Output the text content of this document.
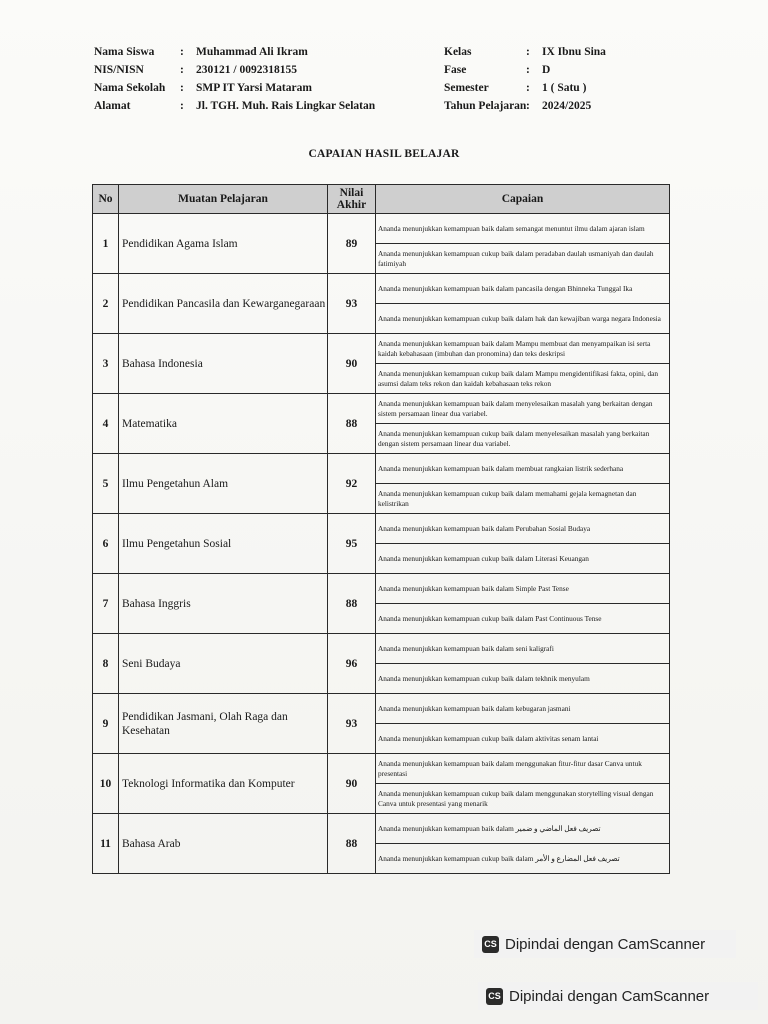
Nama Siswa : Muhammad Ali Ikram
NIS/NISN	: 230121 / 0092318155
Nama Sekolah : SMP IT Yarsi Mataram
Alamat	: Jl. TGH. Muh. Rais Lingkar Selatan
Kelas	: IX Ibnu Sina
Fase	: D
Semester	: 1 ( Satu )
Tahun Pelajaran: 2024/2025
CAPAIAN HASIL BELAJAR
No	Muatan Pelajaran	Nilai Akhir	Capaian
1	Pendidikan Agama Islam	89	Ananda menunjukkan kemampuan baik dalam semangat menuntut ilmu dalam ajaran islam
			Ananda menunjukkan kemampuan cukup baik dalam peradaban daulah usmaniyah dan daulah fatimiyah
2	Pendidikan Pancasila dan Kewarganegaraan	93	Ananda menunjukkan kemampuan baik dalam pancasila dengan Bhinneka Tunggal Ika
			Ananda menunjukkan kemampuan cukup baik dalam hak dan kewajiban warga negara Indonesia
3	Bahasa Indonesia	90	Ananda menunjukkan kemampuan baik dalam Mampu membuat dan menyampaikan isi serta kaidah kebahasaan (imbuhan dan pronomina) dan teks deskripsi
			Ananda menunjukkan kemampuan cukup baik dalam Mampu mengidentifikasi fakta, opini, dan asumsi dalam teks rekon dan kaidah kebahasaan teks rekon
4	Matematika	88	Ananda menunjukkan kemampuan baik dalam menyelesaikan masalah yang berkaitan dengan sistem persamaan linear dua variabel.
			Ananda menunjukkan kemampuan cukup baik dalam menyelesaikan masalah yang berkaitan dengan sistem persamaan linear dua variabel.
5	Ilmu Pengetahun Alam	92	Ananda menunjukkan kemampuan baik dalam membuat rangkaian listrik sederhana
			Ananda menunjukkan kemampuan cukup baik dalam memahami gejala kemagnetan dan kelistrikan
6	Ilmu Pengetahun Sosial	95	Ananda menunjukkan kemampuan baik dalam Perubahan Sosial Budaya
			Ananda menunjukkan kemampuan cukup baik dalam Literasi Keuangan
7	Bahasa Inggris	88	Ananda menunjukkan kemampuan baik dalam Simple Past Tense
			Ananda menunjukkan kemampuan cukup baik dalam Past Continuous Tense
8	Seni Budaya	96	Ananda menunjukkan kemampuan baik dalam seni kaligrafi
			Ananda menunjukkan kemampuan cukup baik dalam tekhnik menyulam
9	Pendidikan Jasmani, Olah Raga dan Kesehatan	93	Ananda menunjukkan kemampuan baik dalam kebugaran jasmani
			Ananda menunjukkan kemampuan cukup baik dalam aktivitas senam lantai
10	Teknologi Informatika dan Komputer	90	Ananda menunjukkan kemampuan baik dalam menggunakan fitur-fitur dasar Canva untuk presentasi
			Ananda menunjukkan kemampuan cukup baik dalam menggunakan storytelling visual dengan Canva untuk presentasi yang menarik
11	Bahasa Arab	88	Ananda menunjukkan kemampuan baik dalam تصريف فعل الماضي و ضمير
			Ananda menunjukkan kemampuan cukup baik dalam تصريف فعل المضارع و الأمر
CS Dipindai dengan CamScanner
CS Dipindai dengan CamScanner
